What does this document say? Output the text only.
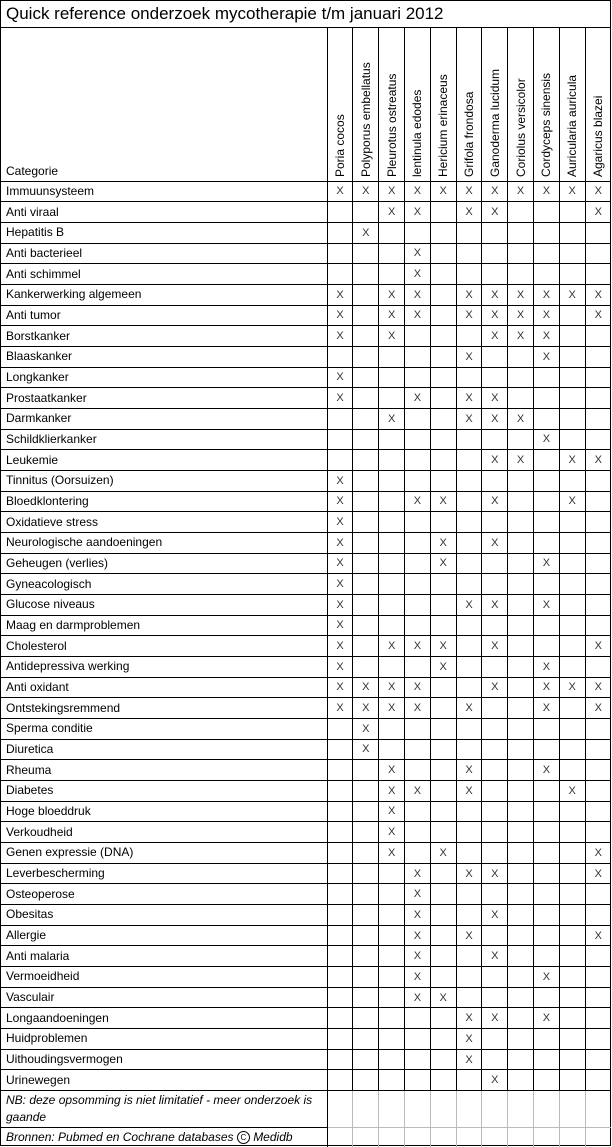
Quick reference onderzoek mycotherapie t/m januari 2012
Categorie	Poria cocos	Polyporus embellatus	Pleurotus ostreatus	lentinula edodes	Hericium erinaceus	Grifola frondosa	Ganoderma lucidum	Coriolus versicolor	Cordyceps sinensis	Auricularia auricula	Agaricus blazei

Immuunsysteem	X	X	X	X	X	X	X	X	X	X	X
Anti viraal			X	X		X	X				X
Hepatitis B		X									
Anti bacterieel				X							
Anti schimmel				X							
Kankerwerking algemeen	X		X	X		X	X	X	X	X	X
Anti tumor	X		X	X		X	X	X	X		X
Borstkanker	X		X				X	X	X		
Blaaskanker						X			X		
Longkanker	X										
Prostaatkanker	X			X		X	X				
Darmkanker			X			X	X	X			
Schildklierkanker									X		
Leukemie							X	X		X	X
Tinnitus (Oorsuizen)	X										
Bloedklontering	X			X	X		X			X	
Oxidatieve stress	X										
Neurologische aandoeningen	X				X		X				
Geheugen (verlies)	X				X				X		
Gyneacologisch	X										
Glucose niveaus	X					X	X		X		
Maag en darmproblemen	X										
Cholesterol	X		X	X	X		X				X
Antidepressiva werking	X				X				X		
Anti oxidant	X	X	X	X			X		X	X	X
Ontstekingsremmend	X	X	X	X		X			X		X
Sperma conditie		X									
Diuretica		X									
Rheuma			X			X			X		
Diabetes			X	X		X				X	
Hoge bloeddruk			X								
Verkoudheid			X								
Genen expressie (DNA)			X		X						X
Leverbescherming				X		X	X				X
Osteoperose				X							
Obesitas				X			X				
Allergie				X		X					X
Anti malaria				X			X				
Vermoeidheid				X					X		
Vasculair				X	X						
Longaandoeningen						X	X		X		
Huidproblemen						X					
Uithoudingsvermogen						X					
Urinewegen							X				
NB: deze opsomming is niet limitatief - meer onderzoek is gaande											
Bronnen: Pubmed en Cochrane databases C Medidb											
